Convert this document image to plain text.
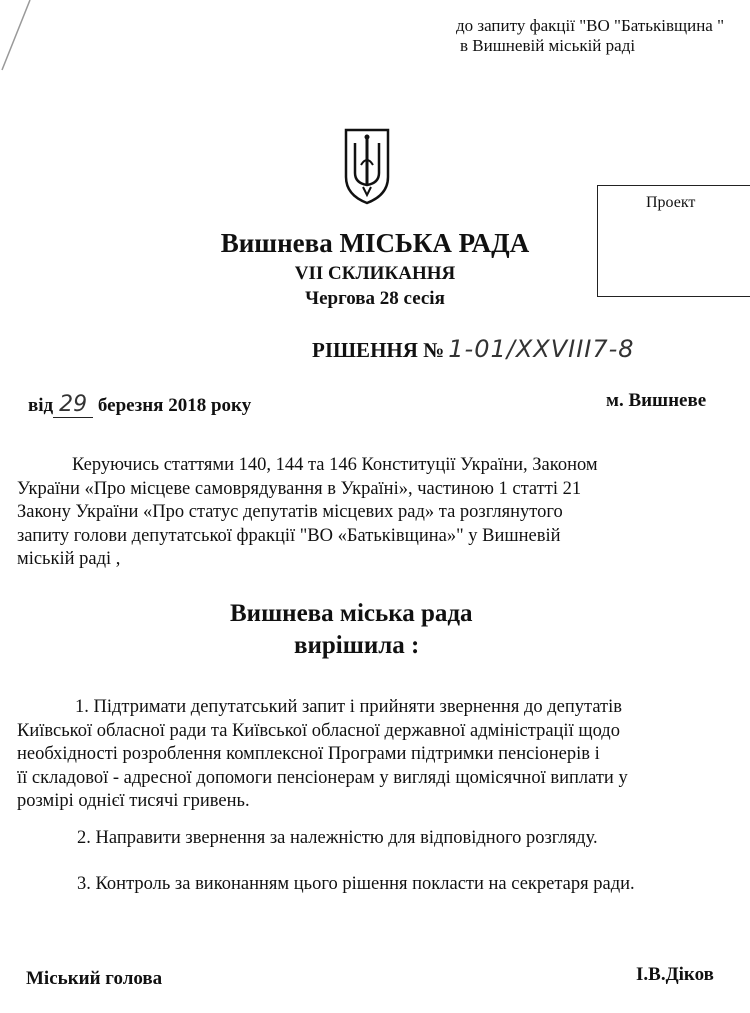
до запиту факції "ВО "Батьківщина "
в Вишневій міській раді
Проект
Вишнева МІСЬКА РАДА
VII СКЛИКАННЯ
Чергова 28 сесія
РІШЕННЯ № 1-01/XXVIII7-8
від 29 березня 2018 року	м. Вишневе
Керуючись статтями 140, 144 та 146 Конституції України, Законом
України «Про місцеве самоврядування в Україні», частиною 1 статті 21
Закону України «Про статус депутатів місцевих рад» та розглянутого
запиту голови депутатської фракції "ВО «Батьківщина»" у Вишневій
міській раді ,
Вишнева міська рада
вирішила :
1. Підтримати депутатський запит і прийняти звернення до депутатів
Київської обласної ради та Київської обласної державної адміністрації щодо
необхідності розроблення комплексної Програми підтримки пенсіонерів і
її складової - адресної допомоги пенсіонерам у вигляді щомісячної виплати у
розмірі однієї тисячі гривень.
2. Направити звернення за належністю для відповідного розгляду.
3. Контроль за виконанням цього рішення покласти на секретаря ради.
Міський голова	І.В.Діков
